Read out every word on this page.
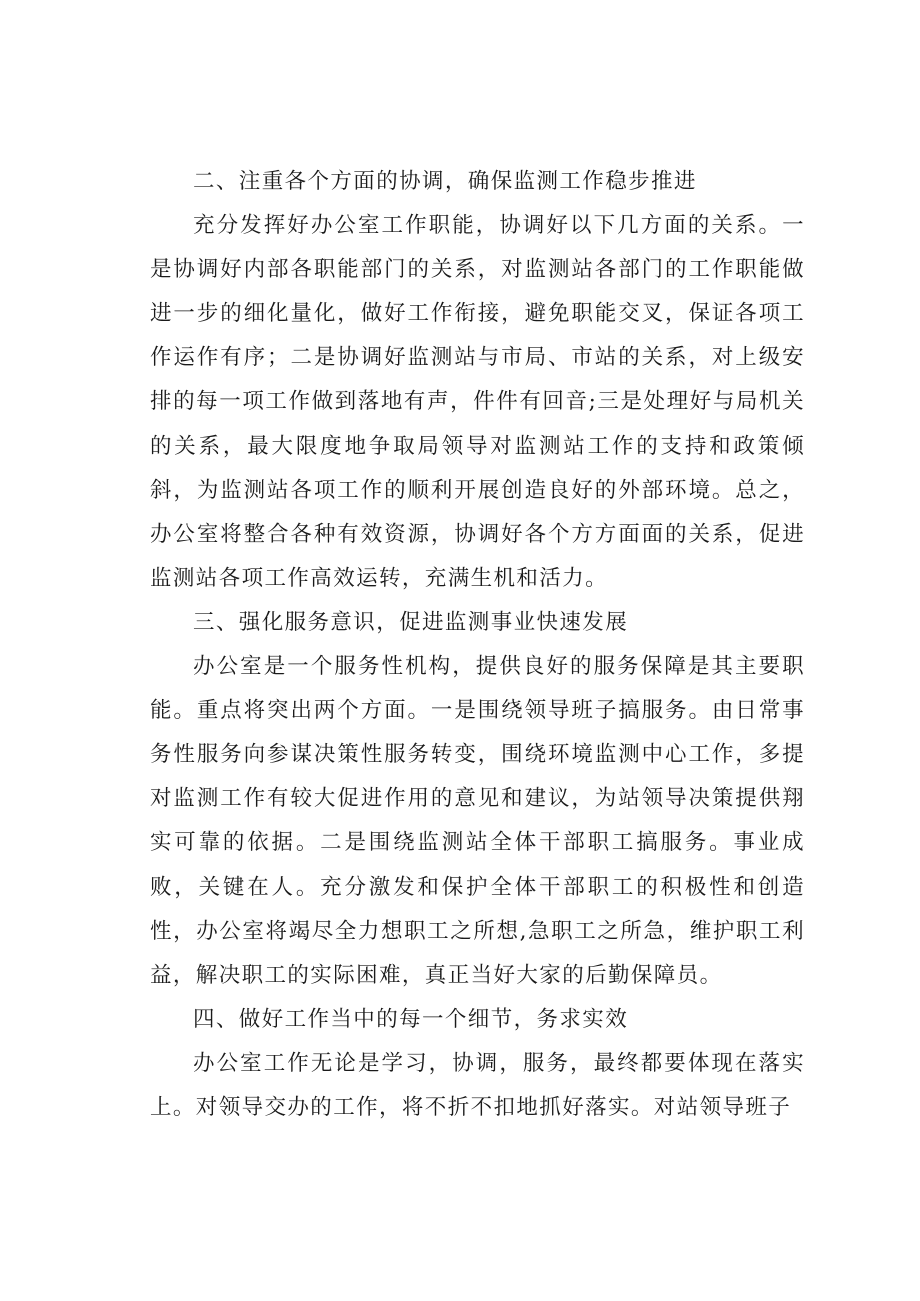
二、注重各个方面的协调，确保监测工作稳步推进

充分发挥好办公室工作职能，协调好以下几方面的关系。一是协调好内部各职能部门的关系，对监测站各部门的工作职能做进一步的细化量化，做好工作衔接，避免职能交叉，保证各项工作运作有序；二是协调好监测站与市局、市站的关系，对上级安排的每一项工作做到落地有声，件件有回音;三是处理好与局机关的关系，最大限度地争取局领导对监测站工作的支持和政策倾斜，为监测站各项工作的顺利开展创造良好的外部环境。总之，办公室将整合各种有效资源，协调好各个方方面面的关系，促进监测站各项工作高效运转，充满生机和活力。

三、强化服务意识，促进监测事业快速发展

办公室是一个服务性机构，提供良好的服务保障是其主要职能。重点将突出两个方面。一是围绕领导班子搞服务。由日常事务性服务向参谋决策性服务转变，围绕环境监测中心工作，多提对监测工作有较大促进作用的意见和建议，为站领导决策提供翔实可靠的依据。二是围绕监测站全体干部职工搞服务。事业成败，关键在人。充分激发和保护全体干部职工的积极性和创造性，办公室将竭尽全力想职工之所想,急职工之所急，维护职工利益，解决职工的实际困难，真正当好大家的后勤保障员。

四、做好工作当中的每一个细节，务求实效

办公室工作无论是学习，协调，服务，最终都要体现在落实上。对领导交办的工作，将不折不扣地抓好落实。对站领导班子
